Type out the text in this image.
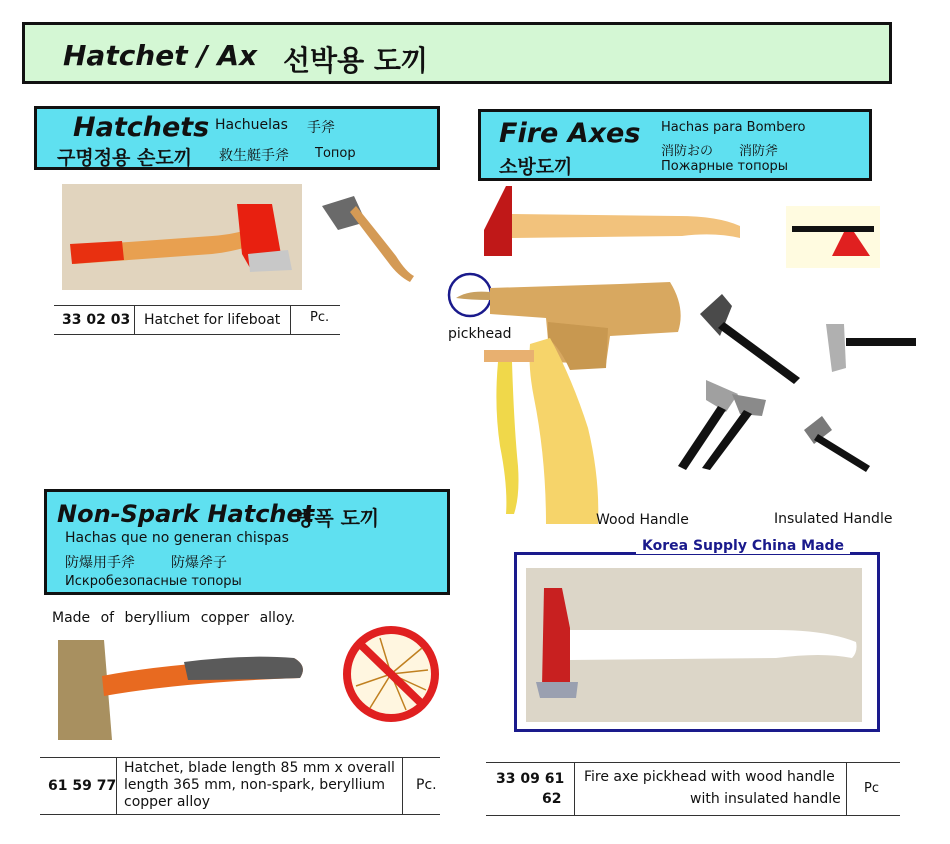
Hatchet / Ax 선박용 도끼
Hatchets Hachuelas 手斧
구명정용 손도끼 救生艇手斧 Топор
33 02 03 Hatchet for lifeboat Pc.
Fire Axes
소방도끼
Hachas para Bombero
消防おの 消防斧
Пожарные топоры
pickhead
Wood Handle	Insulated Handle
Non-Spark Hatchet
방폭 도끼
Hachas que no generan chispas
防爆用手斧	防爆斧子
Искробезопасные топоры
Made of beryllium copper alloy.
61 59 77
Hatchet, blade length 85 mm x overall
length 365 mm, non-spark, beryllium
copper alloy
Pc.
Korea Supply China Made
33 09 61
62
Fire axe pickhead with wood handle
with insulated handle
Pc
